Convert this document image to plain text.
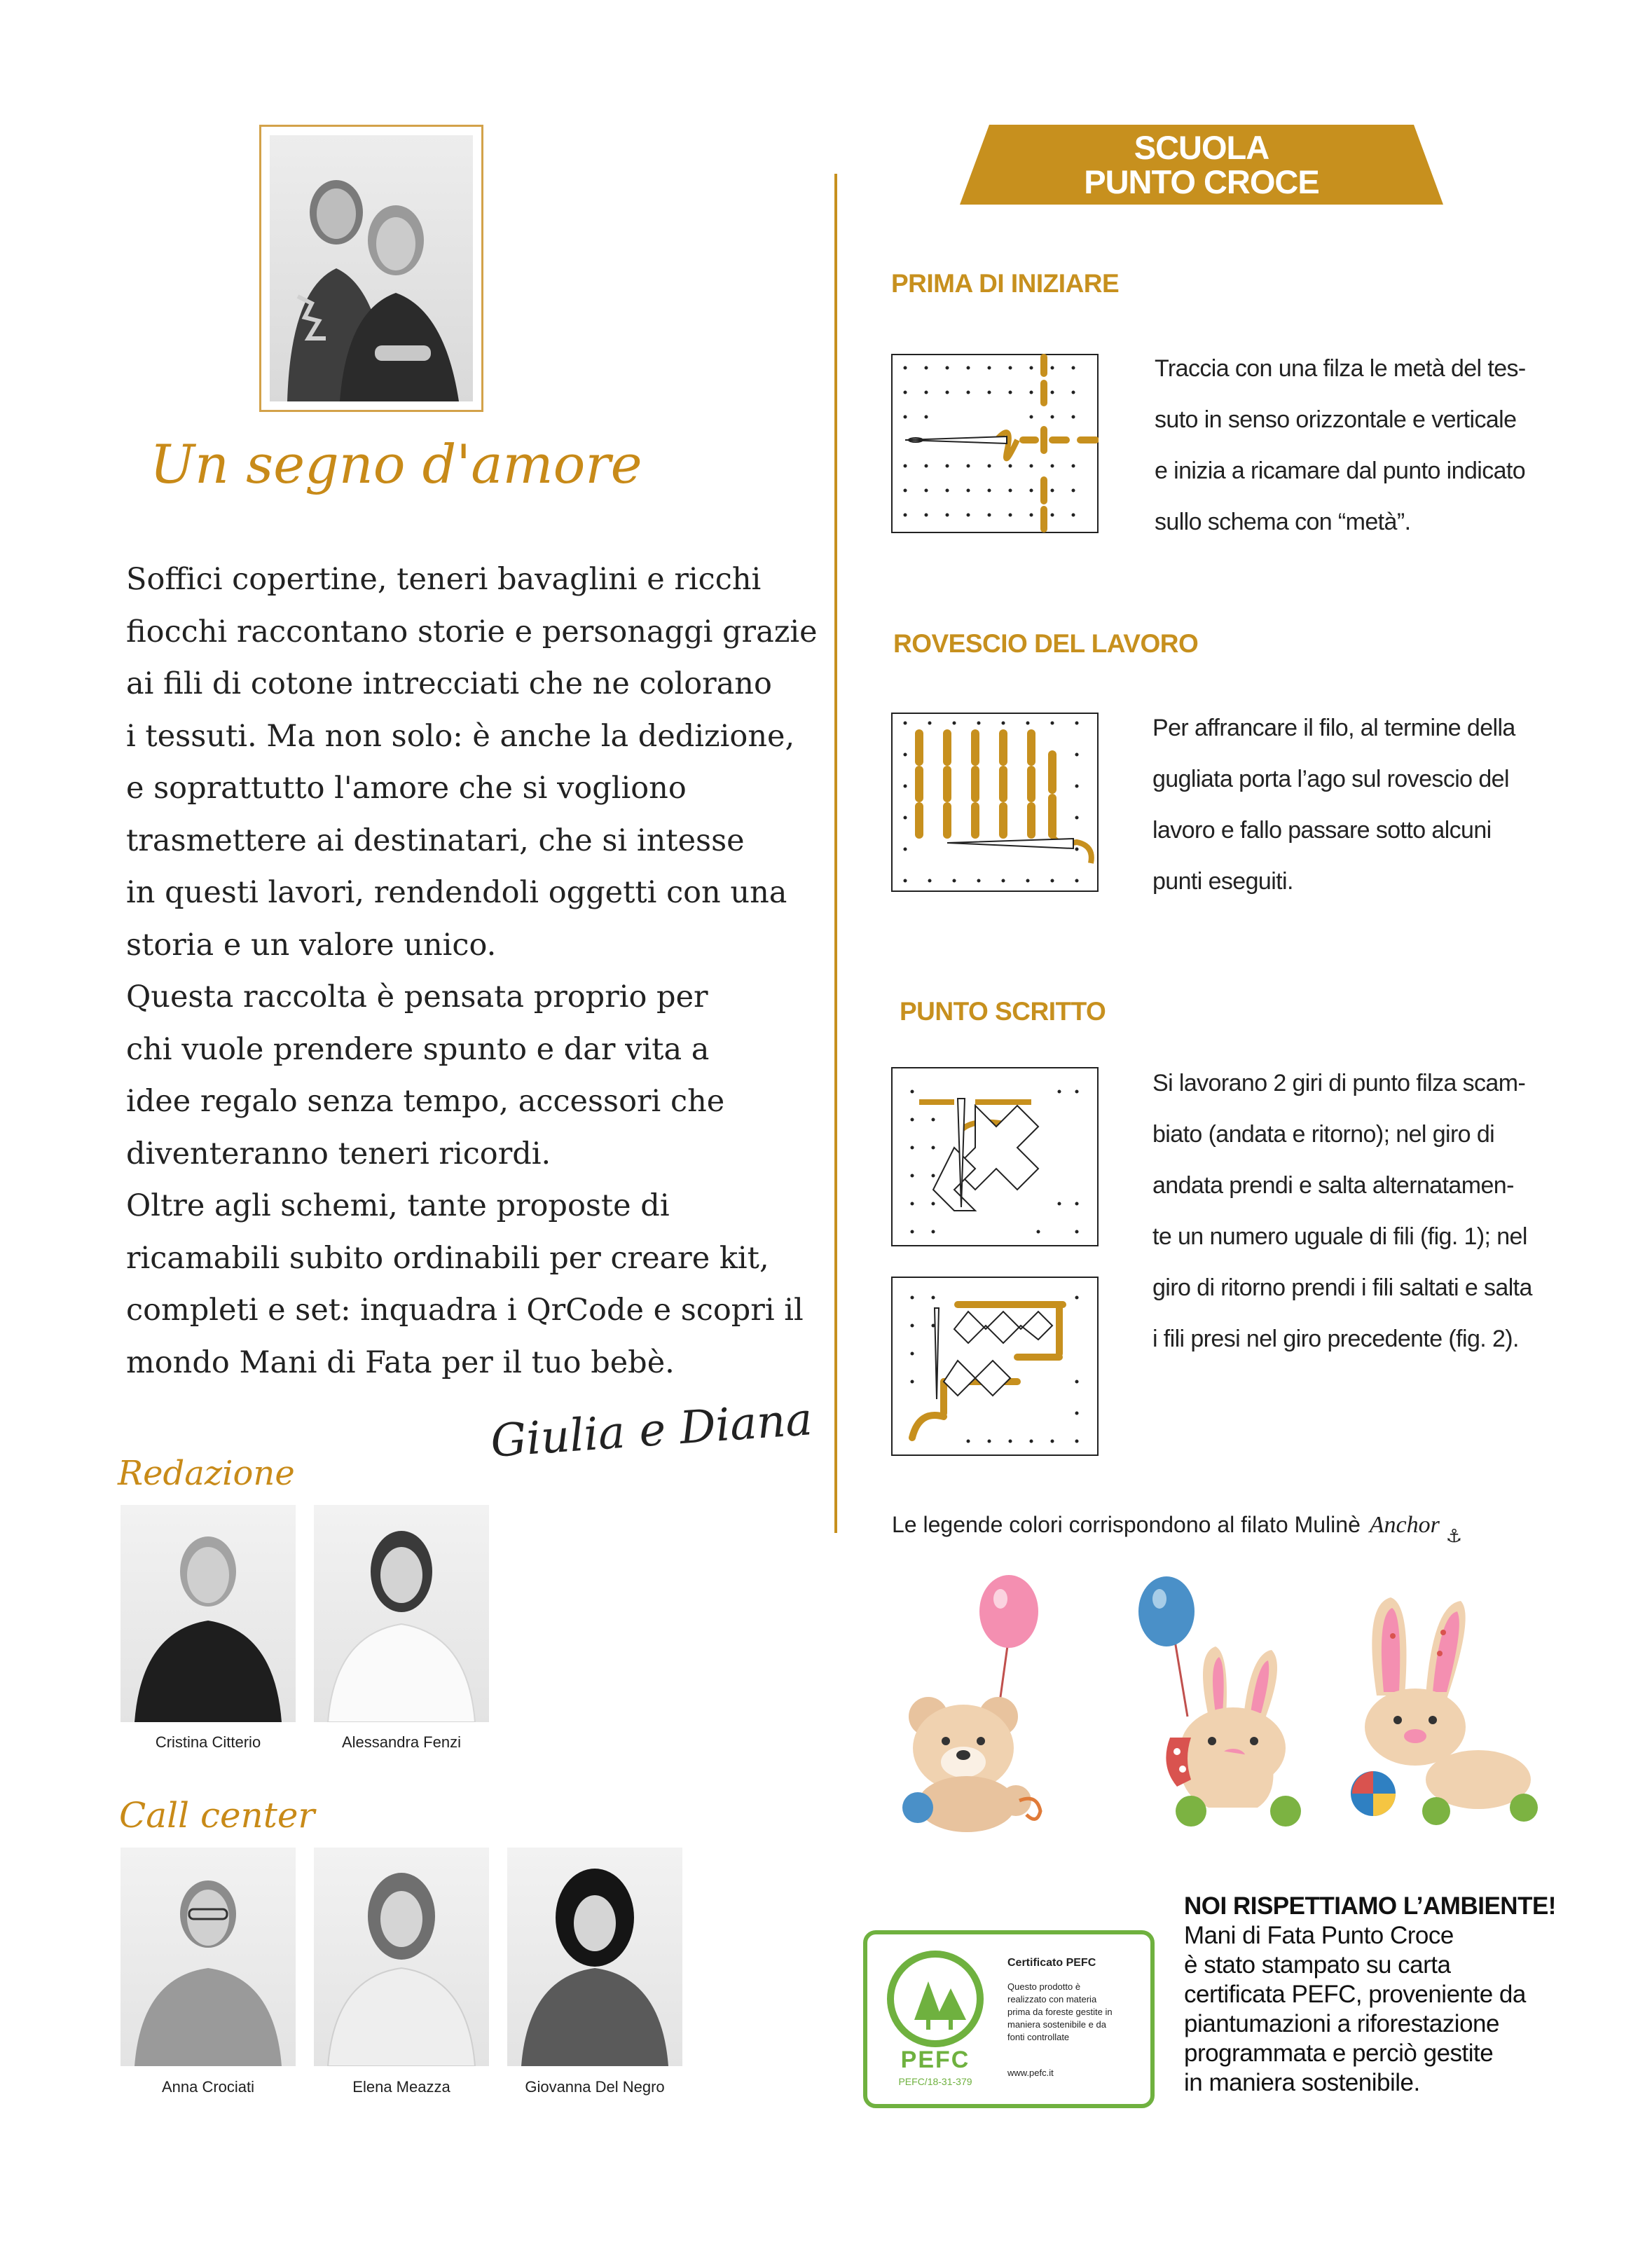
Un segno d'amore

Soffici copertine, teneri bavaglini e ricchi

fiocchi raccontano storie e personaggi grazie

ai fili di cotone intrecciati che ne colorano

i tessuti. Ma non solo: è anche la dedizione,

e soprattutto l'amore che si vogliono

trasmettere ai destinatari, che si intesse

in questi lavori, rendendoli oggetti con una

storia e un valore unico.

Questa raccolta è pensata proprio per

chi vuole prendere spunto e dar vita a

idee regalo senza tempo, accessori che

diventeranno teneri ricordi.

Oltre agli schemi, tante proposte di

ricamabili subito ordinabili per creare kit,

completi e set: inquadra i QrCode e scopri il

mondo Mani di Fata per il tuo bebè.

Giulia e Diana
Redazione
Cristina Citterio	Alessandra Fenzi
Call center
Anna Crociati	Elena Meazza	Giovanna Del Negro
SCUOLA
PUNTO CROCE
PRIMA DI INIZIARE
Traccia con una filza le metà del tes-
suto in senso orizzontale e verticale
e inizia a ricamare dal punto indicato
sullo schema con “metà”.
ROVESCIO DEL LAVORO
Per affrancare il filo, al termine della
gugliata porta l’ago sul rovescio del
lavoro e fallo passare sotto alcuni
punti eseguiti.
PUNTO SCRITTO
Si lavorano 2 giri di punto filza scam-
biato (andata e ritorno); nel giro di
andata prendi e salta alternatamen-
te un numero uguale di fili (fig. 1); nel
giro di ritorno prendi i fili saltati e salta
i fili presi nel giro precedente (fig. 2).
Le legende colori corrispondono al filato Mulinè Anchor $_⚓$
PEFC
PEFC/18-31-379
Certificato PEFC
Questo prodotto è
realizzato con materia
prima da foreste gestite in
maniera sostenibile e da
fonti controllate
www.pefc.it
NOI RISPETTIAMO L’AMBIENTE!
Mani di Fata Punto Croce
è stato stampato su carta
certificata PEFC, proveniente da
piantumazioni a riforestazione
programmata e perciò gestite
in maniera sostenibile.
